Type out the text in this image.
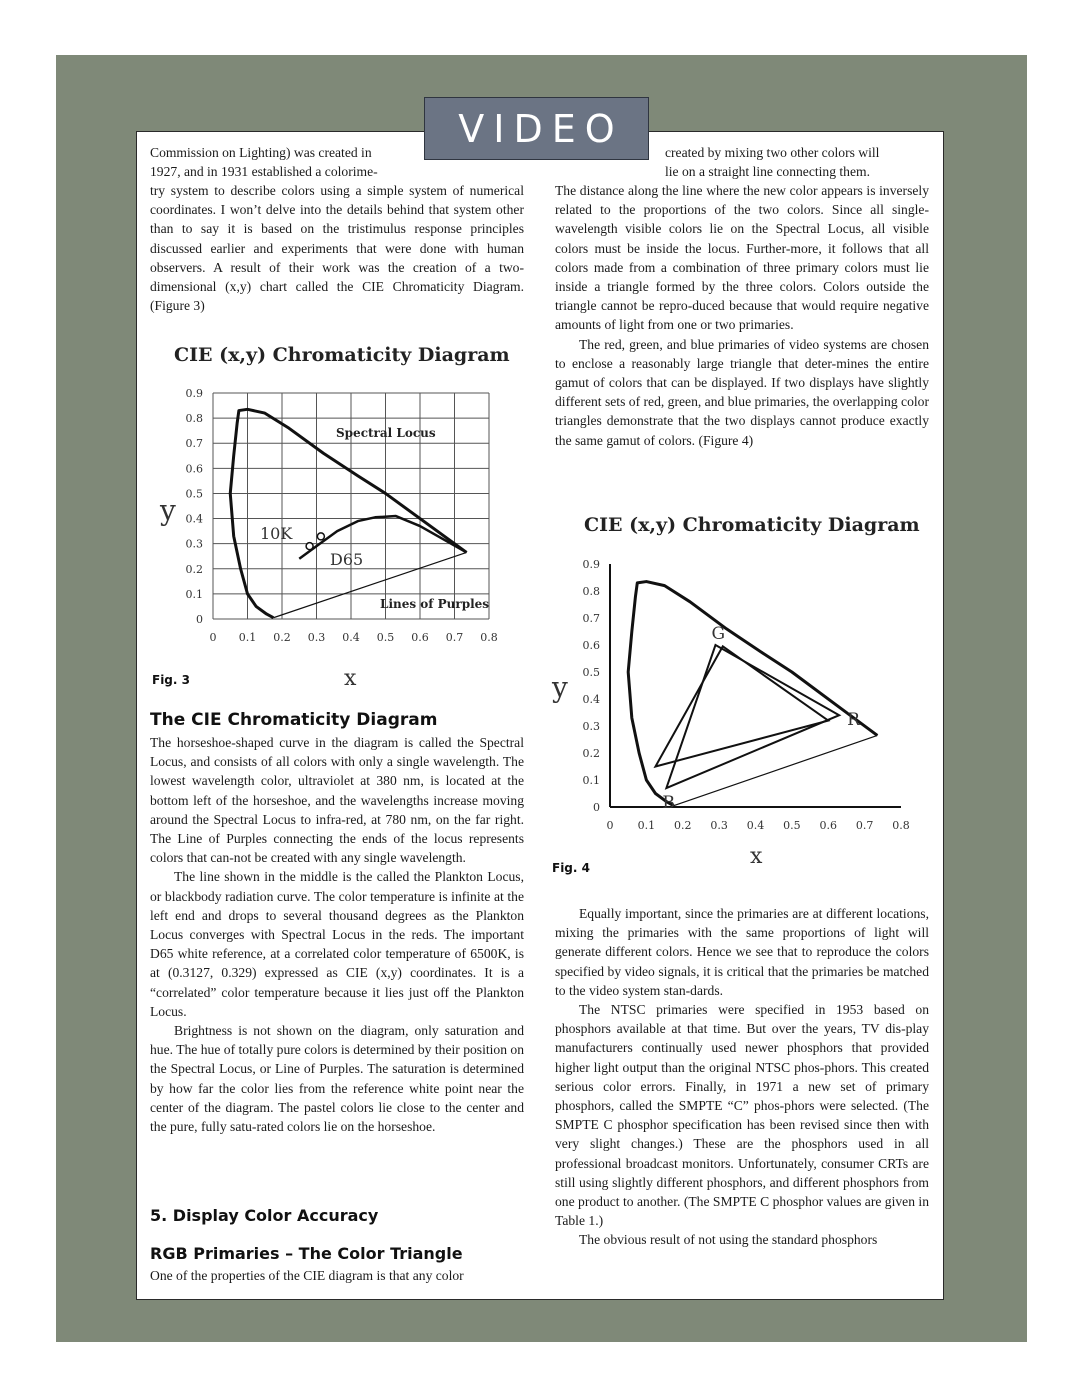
VIDEO
Commission on Lighting) was created in
1927, and in 1931 established a colorime-
try system to describe colors using a simple system of numerical coordinates. I won’t delve into the details behind that system other than to say it is based on the tristimulus response principles discussed earlier and experiments that were done with human observers. A result of their work was the creation of a two-dimensional (x,y) chart called the CIE Chromaticity Diagram. (Figure 3)
CIE (x,y) Chromaticity Diagram
0 0.1 0.2 0.3 0.4 0.5 0.6 0.7 0.8
0
0.1
0.2
0.3
0.4
0.5
0.6
0.7
0.8
0.9
y
x
Spectral Locus
10K
D65
Lines of Purples
Fig. 3
The CIE Chromaticity Diagram

The horseshoe-shaped curve in the diagram is called the Spectral Locus, and consists of all colors with only a single wavelength. The lowest wavelength color, ultraviolet at 380 nm, is located at the bottom left of the horseshoe, and the wavelengths increase moving around the Spectral Locus to infra-red, at 780 nm, on the far right. The Line of Purples connecting the ends of the locus represents colors that can-not be created with any single wavelength.

The line shown in the middle is the called the Plankton Locus, or blackbody radiation curve. The color temperature is infinite at the left end and drops to several thousand degrees as the Plankton Locus converges with Spectral Locus in the reds. The important D65 white reference, at a correlated color temperature of 6500K, is at (0.3127, 0.329) expressed as CIE (x,y) coordinates. It is a “correlated” color temperature because it lies just off the Plankton Locus.

Brightness is not shown on the diagram, only saturation and hue. The hue of totally pure colors is determined by their position on the Spectral Locus, or Line of Purples. The saturation is determined by how far the color lies from the reference white point near the center of the diagram. The pastel colors lie close to the center and the pure, fully satu-rated colors lie on the horseshoe.

5. Display Color Accuracy
RGB Primaries – The Color Triangle
One of the properties of the CIE diagram is that any color
created by mixing two other colors will
lie on a straight line connecting them.

The distance along the line where the new color appears is inversely related to the proportions of the two colors. Since all single-wavelength visible colors lie on the Spectral Locus, all visible colors must be inside the locus. Further-more, it follows that all colors made from a combination of three primary colors must lie inside a triangle formed by the three colors. Colors outside the triangle cannot be repro-duced because that would require negative amounts of light from one or two primaries.

The red, green, and blue primaries of video systems are chosen to enclose a reasonably large triangle that deter-mines the entire gamut of colors that can be displayed. If two displays have slightly different sets of red, green, and blue primaries, the overlapping color triangles demonstrate that the two displays cannot produce exactly the same gamut of colors. (Figure 4)

CIE (x,y) Chromaticity Diagram
0 0.1 0.2 0.3 0.4 0.5 0.6 0.7 0.8
0
0.1
0.2
0.3
0.4
0.5
0.6
0.7
0.8
0.9
y
x
G
R
B
Fig. 4

Equally important, since the primaries are at different locations, mixing the primaries with the same proportions of light will generate different colors. Hence we see that to reproduce the colors specified by video signals, it is critical that the primaries be matched to the video system stan-dards.

The NTSC primaries were specified in 1953 based on phosphors available at that time. But over the years, TV dis-play manufacturers continually used newer phosphors that provided higher light output than the original NTSC phos-phors. This created serious color errors. Finally, in 1971 a new set of primary phosphors, called the SMPTE “C” phos-phors were selected. (The SMPTE C phosphor specification has been revised since then with very slight changes.) These are the phosphors used in all professional broadcast monitors. Unfortunately, consumer CRTs are still using slightly different phosphors, and different phosphors from one product to another. (The SMPTE C phosphor values are given in Table 1.)

The obvious result of not using the standard phosphors
